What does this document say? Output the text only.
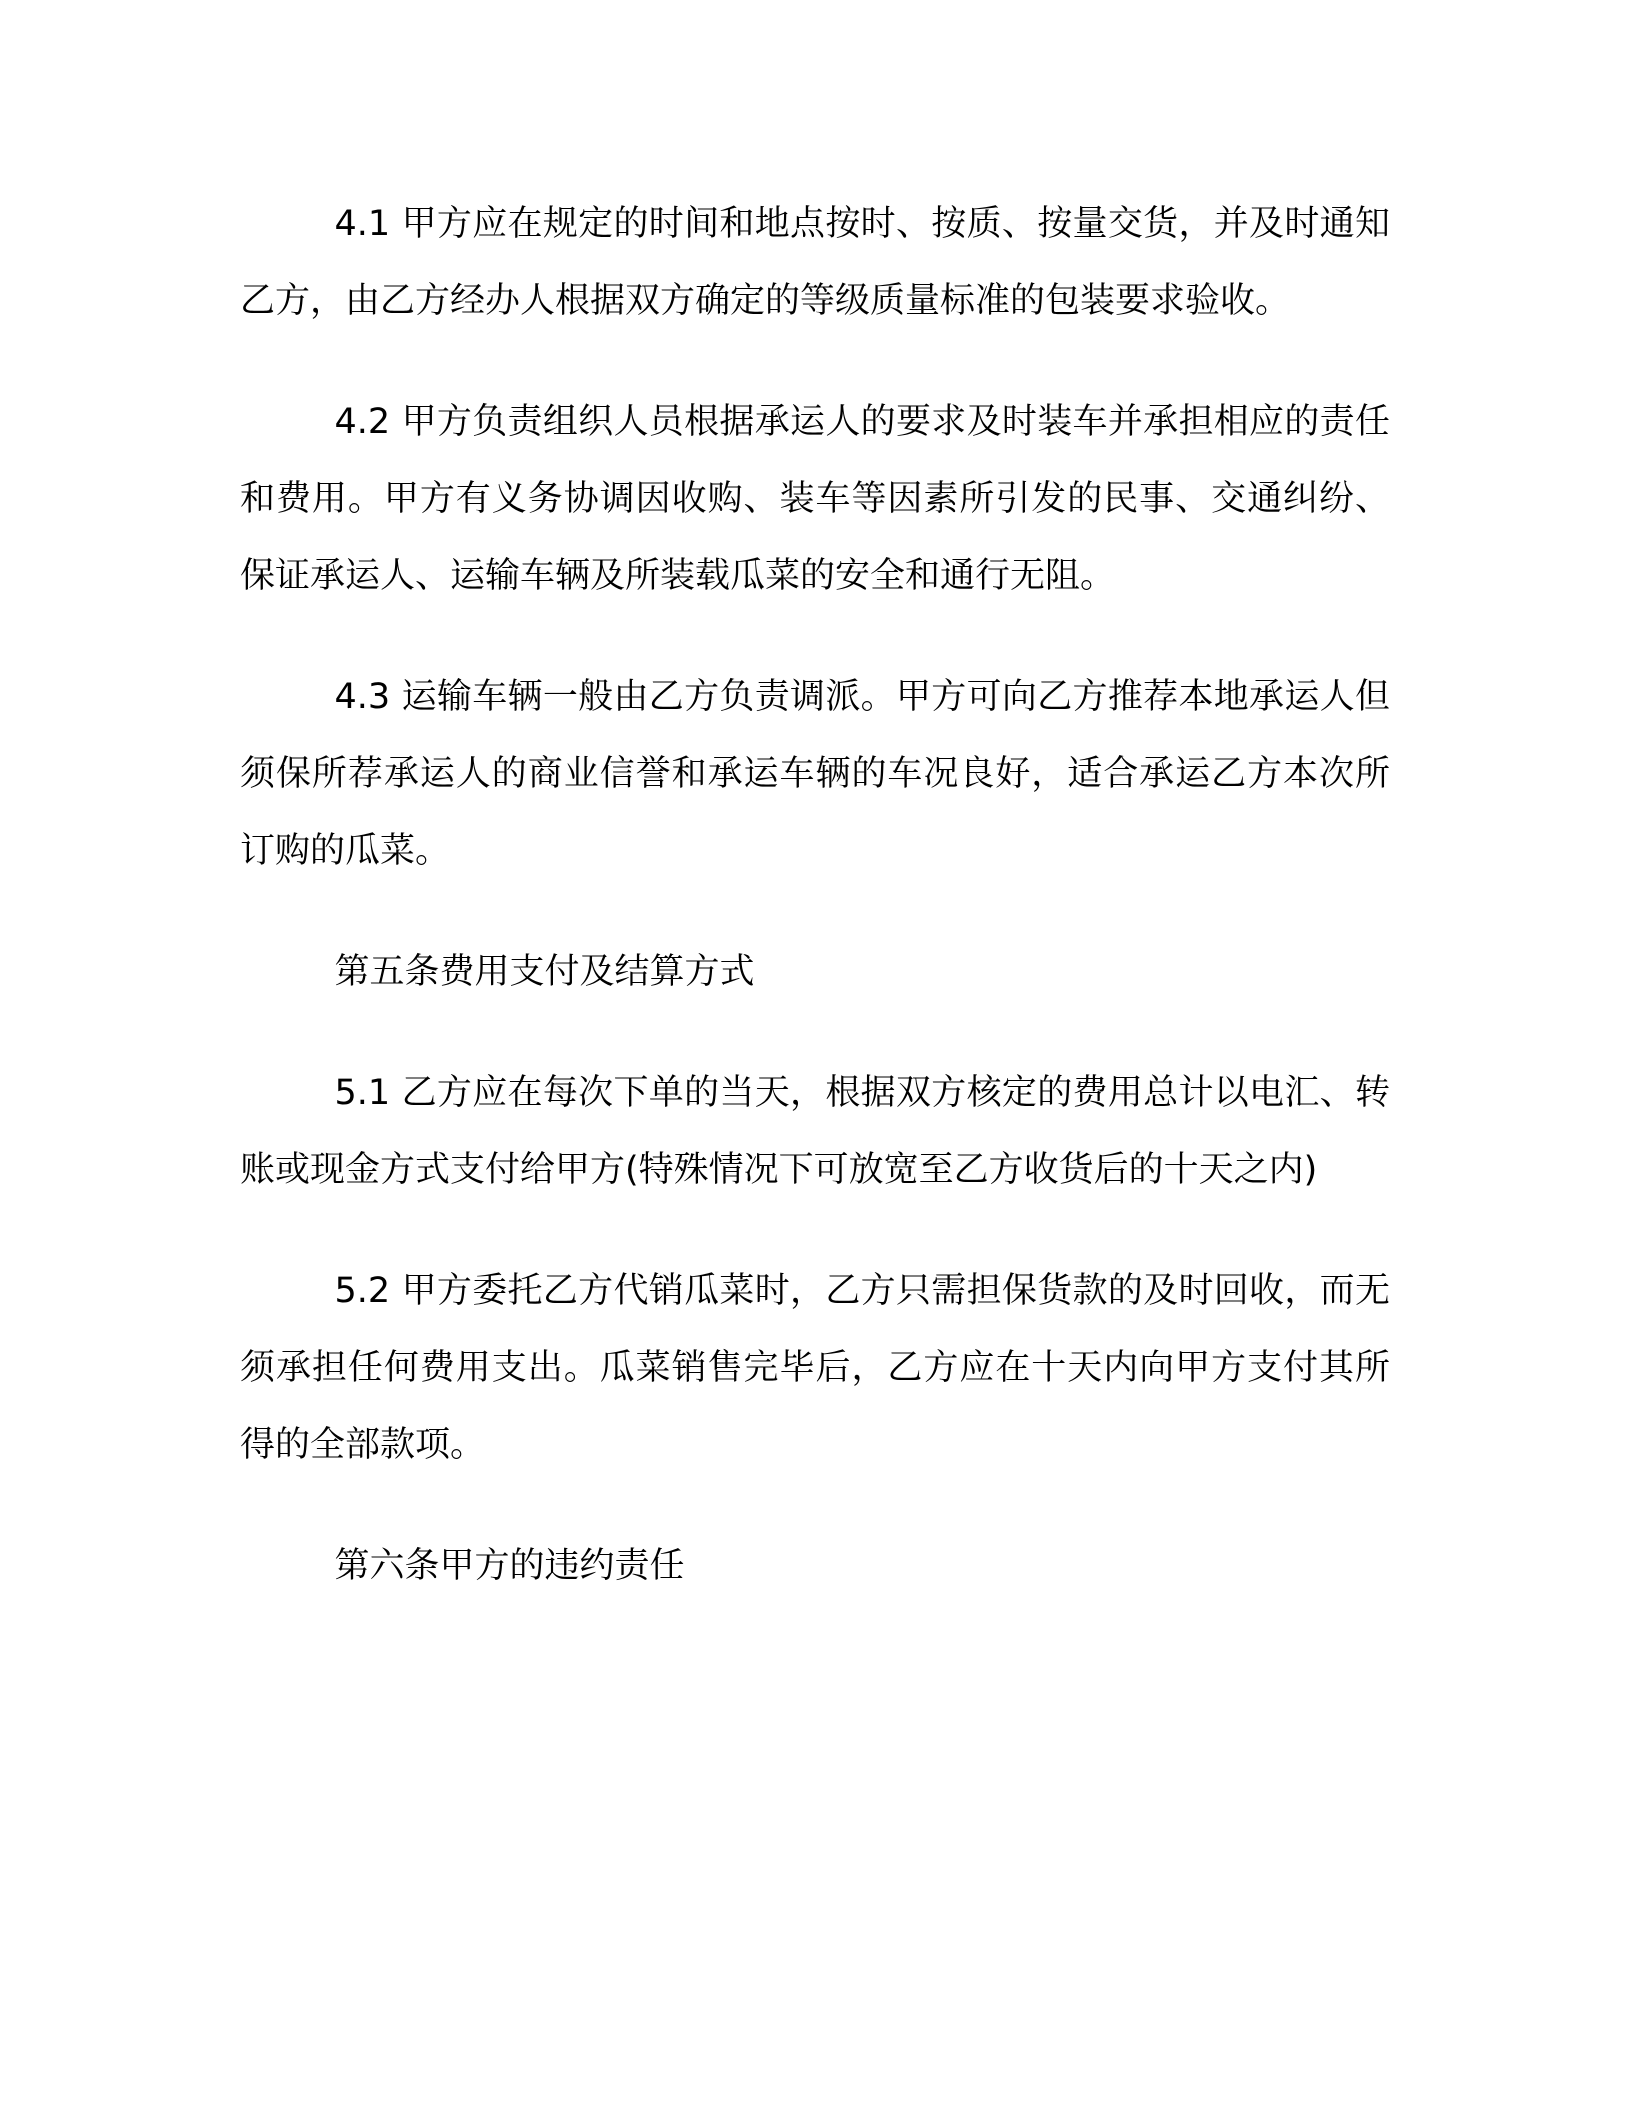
4.1 甲方应在规定的时间和地点按时、按质、按量交货，并及时通知乙方，由乙方经办人根据双方确定的等级质量标准的包装要求验收。

4.2 甲方负责组织人员根据承运人的要求及时装车并承担相应的责任和费用。甲方有义务协调因收购、装车等因素所引发的民事、交通纠纷、保证承运人、运输车辆及所装载瓜菜的安全和通行无阻。

4.3 运输车辆一般由乙方负责调派。甲方可向乙方推荐本地承运人但须保所荐承运人的商业信誉和承运车辆的车况良好，适合承运乙方本次所订购的瓜菜。

第五条费用支付及结算方式

5.1 乙方应在每次下单的当天，根据双方核定的费用总计以电汇、转账或现金方式支付给甲方(特殊情况下可放宽至乙方收货后的十天之内)

5.2 甲方委托乙方代销瓜菜时，乙方只需担保货款的及时回收，而无须承担任何费用支出。瓜菜销售完毕后，乙方应在十天内向甲方支付其所得的全部款项。

第六条甲方的违约责任
